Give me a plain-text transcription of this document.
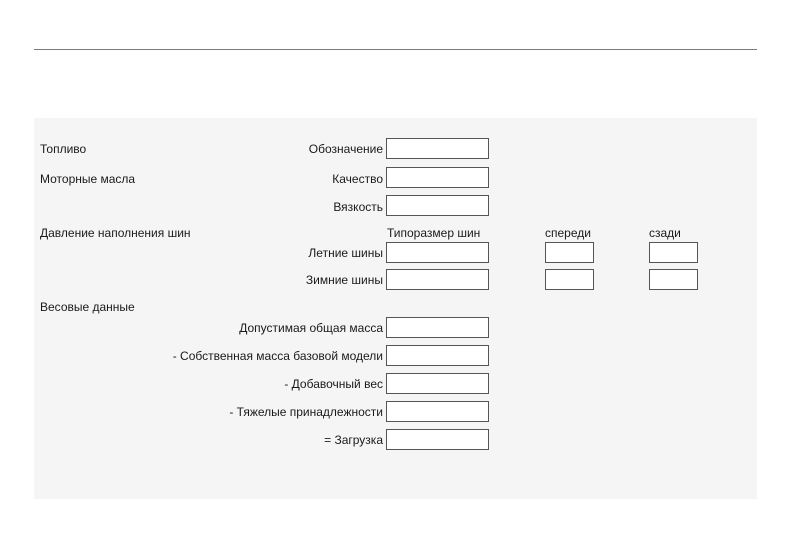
Топливо	Обозначение
Моторные масла	Качество
Вязкость
Давление наполнения шин	Типоразмер шин	спереди	сзади
Летние шины
Зимние шины
Весовые данные
Допустимая общая масса
- Собственная масса базовой модели
- Добавочный вес
- Тяжелые принадлежности
= Загрузка
